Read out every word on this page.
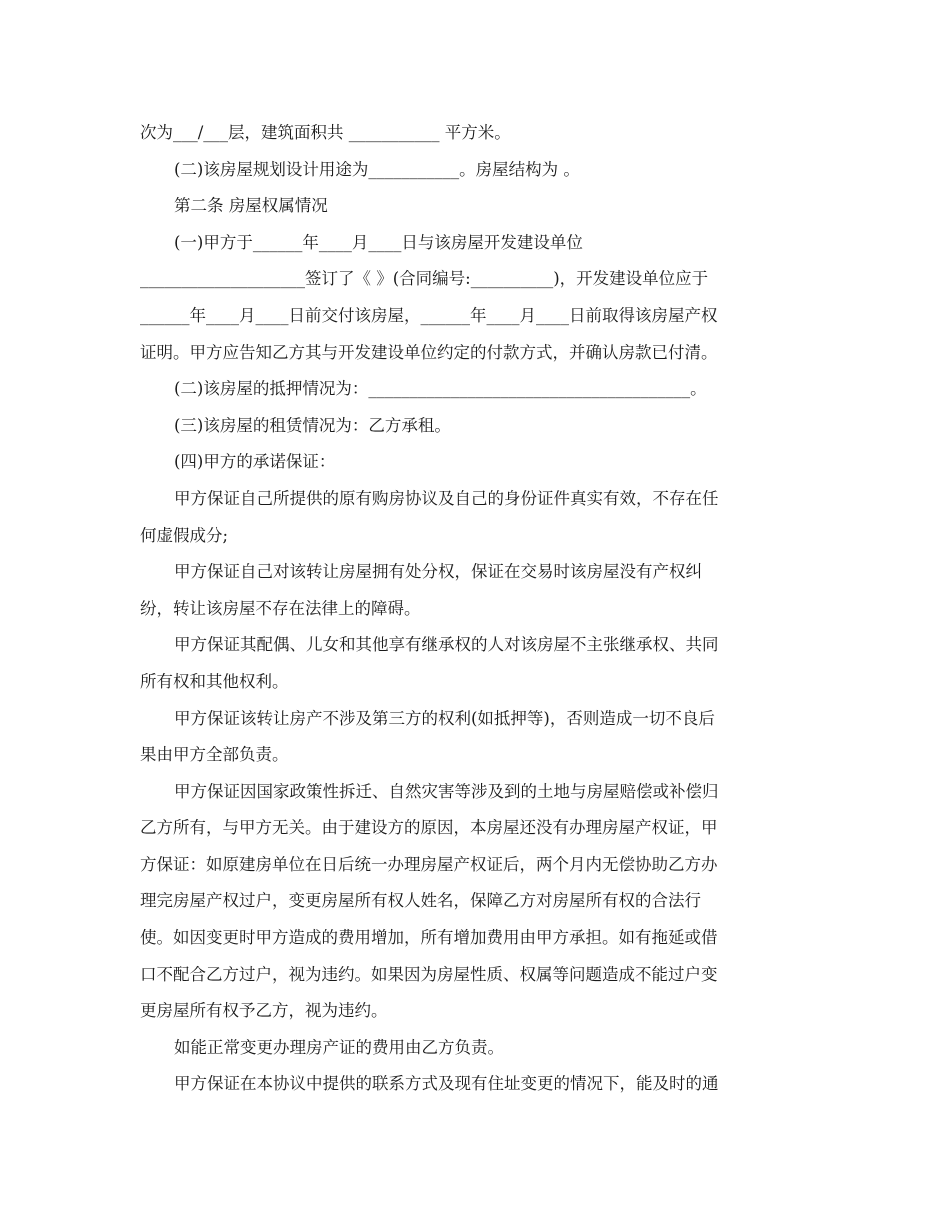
次为___/___层，建筑面积共 ___________ 平方米。
(二)该房屋规划设计用途为___________。房屋结构为 。
第二条 房屋权属情况
(一)甲方于______年____月____日与该房屋开发建设单位
____________________签订了《 》(合同编号:__________)，开发建设单位应于
______年____月____日前交付该房屋，______年____月____日前取得该房屋产权
证明。甲方应告知乙方其与开发建设单位约定的付款方式，并确认房款已付清。
(二)该房屋的抵押情况为：_______________________________________。
(三)该房屋的租赁情况为：乙方承租。
(四)甲方的承诺保证：
甲方保证自己所提供的原有购房协议及自己的身份证件真实有效，不存在任
何虚假成分;
甲方保证自己对该转让房屋拥有处分权，保证在交易时该房屋没有产权纠
纷，转让该房屋不存在法律上的障碍。
甲方保证其配偶、儿女和其他享有继承权的人对该房屋不主张继承权、共同
所有权和其他权利。
甲方保证该转让房产不涉及第三方的权利(如抵押等)，否则造成一切不良后
果由甲方全部负责。
甲方保证因国家政策性拆迁、自然灾害等涉及到的土地与房屋赔偿或补偿归
乙方所有，与甲方无关。由于建设方的原因，本房屋还没有办理房屋产权证，甲
方保证：如原建房单位在日后统一办理房屋产权证后，两个月内无偿协助乙方办
理完房屋产权过户，变更房屋所有权人姓名，保障乙方对房屋所有权的合法行
使。如因变更时甲方造成的费用增加，所有增加费用由甲方承担。如有拖延或借
口不配合乙方过户，视为违约。如果因为房屋性质、权属等问题造成不能过户变
更房屋所有权予乙方，视为违约。
如能正常变更办理房产证的费用由乙方负责。
甲方保证在本协议中提供的联系方式及现有住址变更的情况下，能及时的通
